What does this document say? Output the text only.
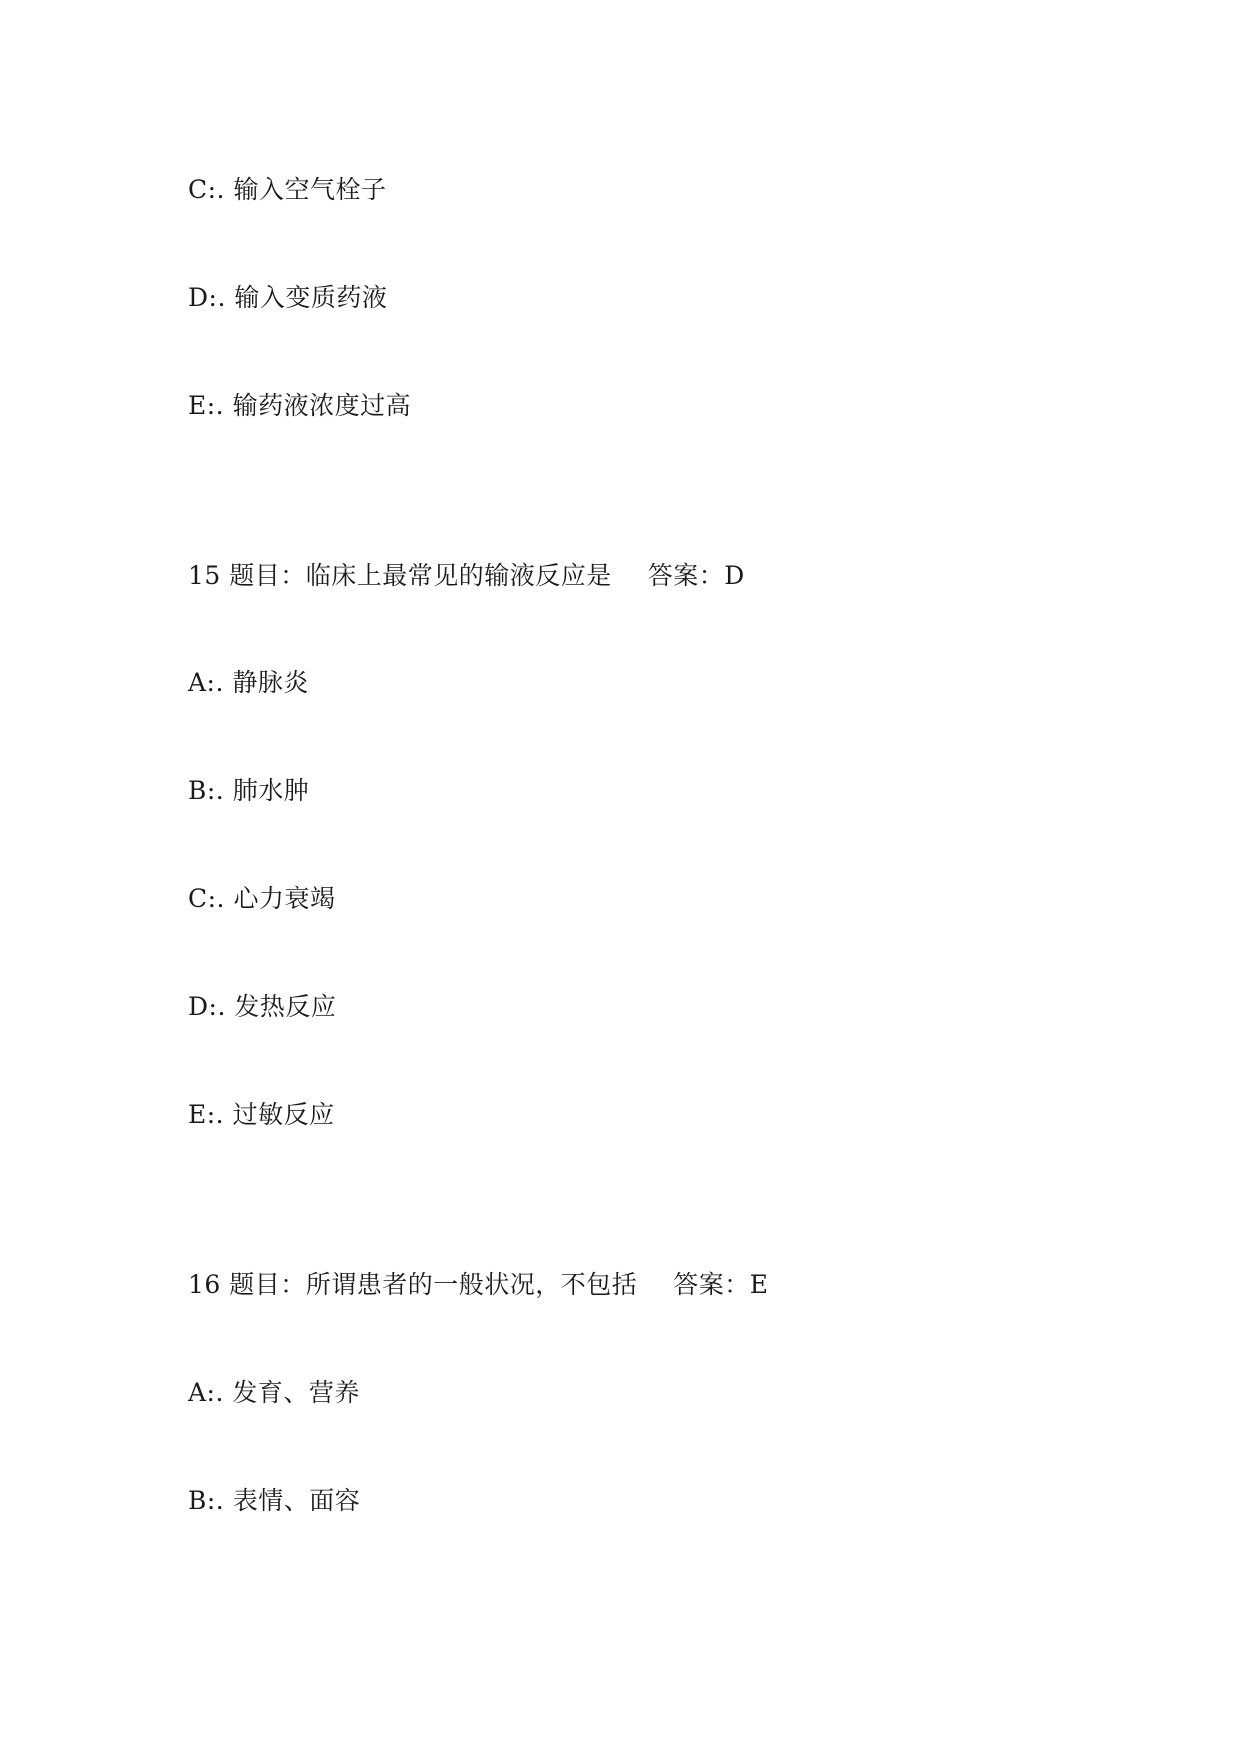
C:. 输入空气栓子
D:. 输入变质药液
E:. 输药液浓度过高
15 题目：临床上最常见的输液反应是 答案：D
A:. 静脉炎
B:. 肺水肿
C:. 心力衰竭
D:. 发热反应
E:. 过敏反应
16 题目：所谓患者的一般状况，不包括 答案：E
A:. 发育、营养
B:. 表情、面容
